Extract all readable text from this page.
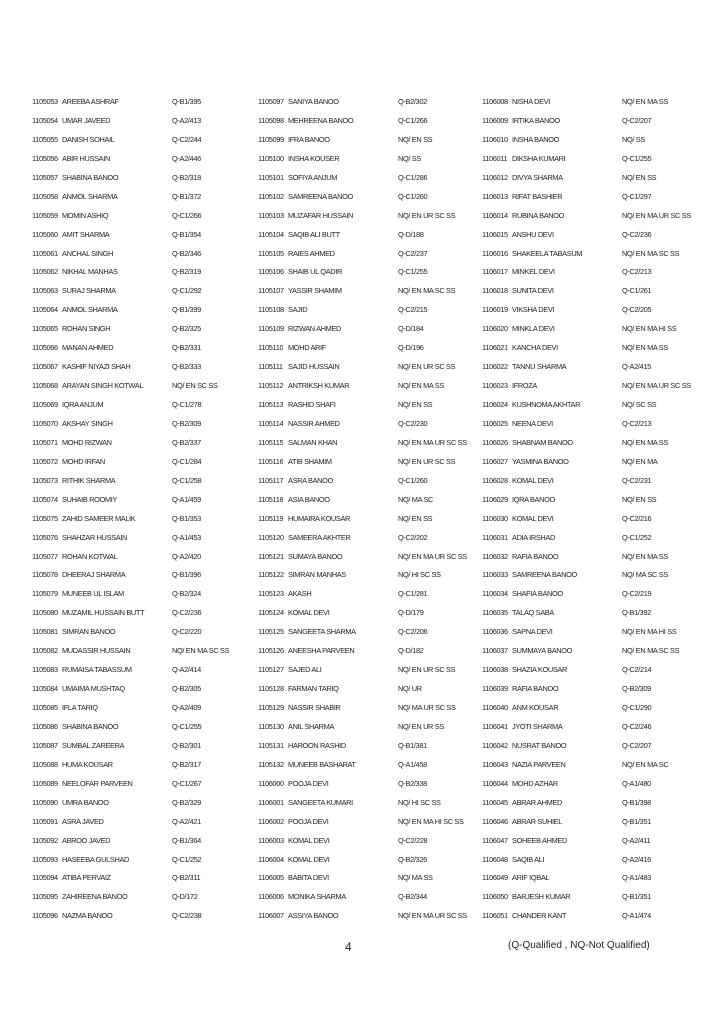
1105053 AREEBA ASHRAF	Q-B1/395	1105097 SANIYA BANOO	Q-B2/302	1106008 NISHA DEVI	NQ/ EN MA SS
1105054 UMAR JAVEED	Q-A2/413	1105098 MEHREENA BANOO	Q-C1/266	1106009 IRTIKA BANOO	Q-C2/207
1105055 DANISH SOHAIL	Q-C2/244	1105099 IFRA BANOO	NQ/ EN SS	1106010 INSHA BANOO	NQ/ SS
1105056 ABIR HUSSAIN	Q-A2/446	1105100 INSHA KOUSER	NQ/ SS	1106011 DIKSHA KUMARI	Q-C1/255
1105057 SHABINA BANOO	Q-B2/318	1105101 SOFIYA ANJUM	Q-C1/286	1106012 DIVYA SHARMA	NQ/ EN SS
1105058 ANMOL SHARMA	Q-B1/372	1105102 SAMREENA BANOO	Q-C1/260	1106013 RIFAT BASHIER	Q-C1/297
1105059 MOMIN ASHIQ	Q-C1/266	1105103 MUZAFAR HUSSAIN	NQ/ EN UR SC SS	1106014 RUBINA BANOO	NQ/ EN MA UR SC SS
1105060 AMIT SHARMA	Q-B1/354	1105104 SAQIB ALI BUTT	Q-D/188	1106015 ANSHU DEVI	Q-C2/236
1105061 ANCHAL SINGH	Q-B2/346	1105105 RAIES AHMED	Q-C2/237	1106016 SHAKEELA TABASUM	NQ/ EN MA SC SS
1105062 NIKHAL MANHAS	Q-B2/319	1105106 SHAIB UL QADIR	Q-C1/255	1106017 MINKEL DEVI	Q-C2/213
1105063 SURAJ SHARMA	Q-C1/292	1105107 YASSIR SHAMIM	NQ/ EN MA SC SS	1106018 SUNITA DEVI	Q-C1/261
1105064 ANMOL SHARMA	Q-B1/399	1105108 SAJID	Q-C2/215	1106019 VIKSHA DEVI	Q-C2/205
1105065 ROHAN SINGH	Q-B2/325	1105109 RIZWAN AHMED	Q-D/184	1106020 MINKLA DEVI	NQ/ EN MA HI SS
1105066 MANAN AHMED	Q-B2/331	1105110 MOHD ARIF	Q-D/196	1106021 KANCHA DEVI	NQ/ EN MA SS
1105067 KASHIF NIYAZI SHAH	Q-B2/333	1105111 SAJID HUSSAIN	NQ/ EN UR SC SS	1106022 TANNU SHARMA	Q-A2/415
1105068 ARAYAN SINGH KOTWAL	NQ/ EN SC SS	1105112 ANTRIKSH KUMAR	NQ/ EN MA SS	1106023 IFROZA	NQ/ EN MA UR SC SS
1105069 IQRA ANJUM	Q-C1/278	1105113 RASHID SHAFI	NQ/ EN SS	1106024 KUSHNOMA AKHTAR	NQ/ SC SS
1105070 AKSHAY SINGH	Q-B2/309	1105114 NASSIR AHMED	Q-C2/230	1106025 NEENA DEVI	Q-C2/213
1105071 MOHD RIZWAN	Q-B2/337	1105115 SALMAN KHAN	NQ/ EN MA UR SC SS	1106026 SHABNAM BANOO	NQ/ EN MA SS
1105072 MOHD IRFAN	Q-C1/284	1105116 ATIB SHAMIM	NQ/ EN UR SC SS	1106027 YASMINA BANOO	NQ/ EN MA
1105073 RITHIK SHARMA	Q-C1/258	1105117 ASRA BANOO	Q-C1/260	1106028 KOMAL DEVI	Q-C2/231
1105074 SUHAIB ROOMIY	Q-A1/459	1105118 ASIA BANOO	NQ/ MA SC	1106029 IQRA BANOO	NQ/ EN SS
1105075 ZAHID SAMEER MALIK	Q-B1/353	1105119 HUMAIRA KOUSAR	NQ/ EN SS	1106030 KOMAL DEVI	Q-C2/216
1105076 SHAHZAR HUSSAIN	Q-A1/453	1105120 SAMEERA AKHTER	Q-C2/202	1106031 ADIA IRSHAD	Q-C1/252
1105077 ROHAN KOTWAL	Q-A2/420	1105121 SUMAYA BANOO	NQ/ EN MA UR SC SS	1106032 RAFIA BANOO	NQ/ EN MA SS
1105078 DHEERAJ SHARMA	Q-B1/396	1105122 SIMRAN MANHAS	NQ/ HI SC SS	1106033 SAMREENA BANOO	NQ/ MA SC SS
1105079 MUNEEB UL ISLAM	Q-B2/324	1105123 AKASH	Q-C1/281	1106034 SHAFIA BANOO	Q-C2/219
1105080 MUZAMIL HUSSAIN BUTT	Q-C2/236	1105124 KOMAL DEVI	Q-D/179	1106035 TALAQ SABA	Q-B1/392
1105081 SIMRAN BANOO	Q-C2/220	1105125 SANGEETA SHARMA	Q-C2/206	1106036 SAPNA DEVI	NQ/ EN MA HI SS
1105082 MUDASSIR HUSSAIN	NQ/ EN MA SC SS	1105126 ANEESHA PARVEEN	Q-D/182	1106037 SUMMAYA BANOO	NQ/ EN MA SC SS
1105083 RUMAISA TABASSUM	Q-A2/414	1105127 SAJED ALI	NQ/ EN UR SC SS	1106038 SHAZIA KOUSAR	Q-C2/214
1105084 UMAIMA MUSHTAQ	Q-B2/305	1105128 FARMAN TARIQ	NQ/ UR	1106039 RAFIA BANOO	Q-B2/309
1105085 IFLA TARIQ	Q-A2/409	1105129 NASSIR SHABIR	NQ/ MA UR SC SS	1106040 ANM KOUSAR	Q-C1/290
1105086 SHABINA BANOO	Q-C1/255	1105130 ANIL SHARMA	NQ/ EN UR SS	1106041 JYOTI SHARMA	Q-C2/246
1105087 SUMBAL ZAREERA	Q-B2/301	1105131 HAROON RASHID	Q-B1/381	1106042 NUSRAT BANOO	Q-C2/207
1105088 HUMA KOUSAR	Q-B2/317	1105132 MUNEEB BASHARAT	Q-A1/458	1106043 NAZIA PARVEEN	NQ/ EN MA SC
1105089 NEELOFAR PARVEEN	Q-C1/267	1106000 POOJA DEVI	Q-B2/338	1106044 MOHD AZHAR	Q-A1/480
1105090 UMRA BANOO	Q-B2/329	1106001 SANGEETA KUMARI	NQ/ HI SC SS	1106045 ABRAR AHMED	Q-B1/398
1105091 ASRA JAVED	Q-A2/421	1106002 POOJA DEVI	NQ/ EN MA HI SC SS	1106046 ABRAR SUHIEL	Q-B1/351
1105092 ABROO JAVED	Q-B1/364	1106003 KOMAL DEVI	Q-C2/228	1106047 SOHEEB AHMED	Q-A2/411
1105093 HASEEBA GULSHAD	Q-C1/252	1106004 KOMAL DEVI	Q-B2/326	1106048 SAQIB ALI	Q-A2/416
1105094 ATIBA PERVAIZ	Q-B2/311	1106005 BABITA DEVI	NQ/ MA SS	1106049 ARIF IQBAL	Q-A1/483
1105095 ZAHIREENA BANOO	Q-D/172	1106006 MONIKA SHARMA	Q-B2/344	1106050 BARJESH KUMAR	Q-B1/351
1105096 NAZMA BANOO	Q-C2/238	1106007 ASSIYA BANOO	NQ/ EN MA UR SC SS	1106051 CHANDER KANT	Q-A1/474
4	(Q-Qualified , NQ-Not Qualified)
